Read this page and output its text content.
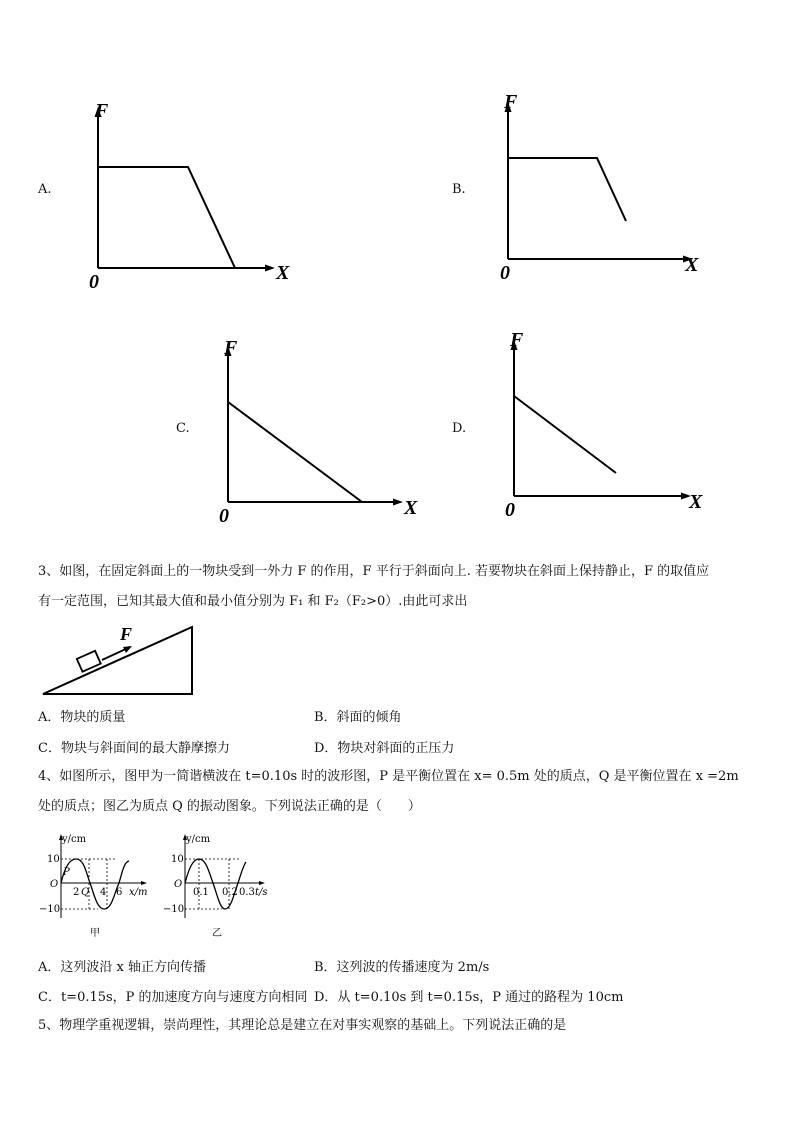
A.
F
X
0
B.
F
X
0
C.
F
X
0
D.
F
X
0
3、如图，在固定斜面上的一物块受到一外力 F 的作用，F 平行于斜面向上. 若要物块在斜面上保持静止，F 的取值应
有一定范围，已知其最大值和最小值分别为 F₁ 和 F₂（F₂>0）.由此可求出
F
A．物块的质量	B．斜面的倾角
C．物块与斜面间的最大静摩擦力	D．物块对斜面的正压力
4、如图所示，图甲为一简谐横波在 t=0.10s 时的波形图，P 是平衡位置在 x= 0.5m 处的质点，Q 是平衡位置在 x =2m
处的质点；图乙为质点 Q 的振动图象。下列说法正确的是（　　）
y/cm
x/m
10
−10
O
2 4 6
P
Q
甲
y/cm
t/s
10
−10
O
0.1 0.2 0.3
乙
A．这列波沿 x 轴正方向传播	B．这列波的传播速度为 2m/s
C．t=0.15s，P 的加速度方向与速度方向相同 D．从 t=0.10s 到 t=0.15s，P 通过的路程为 10cm
5、物理学重视逻辑，崇尚理性，其理论总是建立在对事实观察的基础上。下列说法正确的是
